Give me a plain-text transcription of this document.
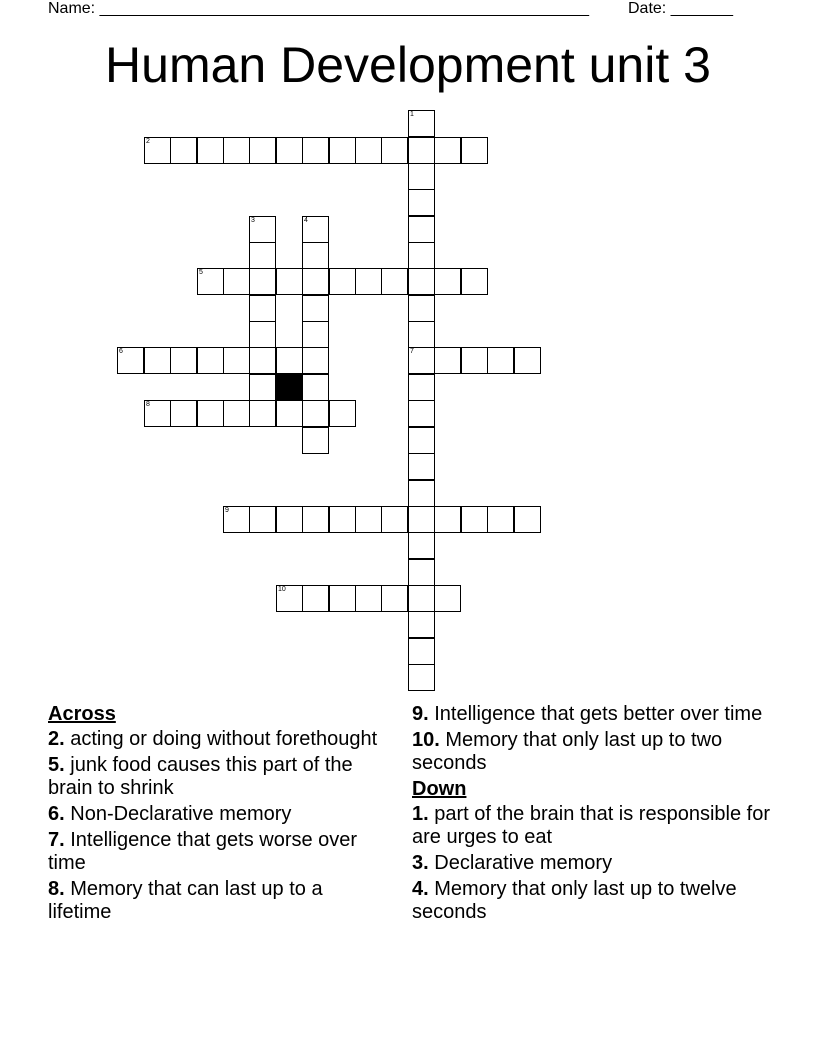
Name: _______________________________________________________ Date: _______
Human Development unit 3
1
7
2
3	4
5
6
8
9
10
Across
2. acting or doing without forethought
5. junk food causes this part of the brain to shrink
6. Non-Declarative memory
7. Intelligence that gets worse over time
8. Memory that can last up to a lifetime
9. Intelligence that gets better over time
10. Memory that only last up to two seconds
Down
1. part of the brain that is responsible for are urges to eat
3. Declarative memory
4. Memory that only last up to twelve seconds
